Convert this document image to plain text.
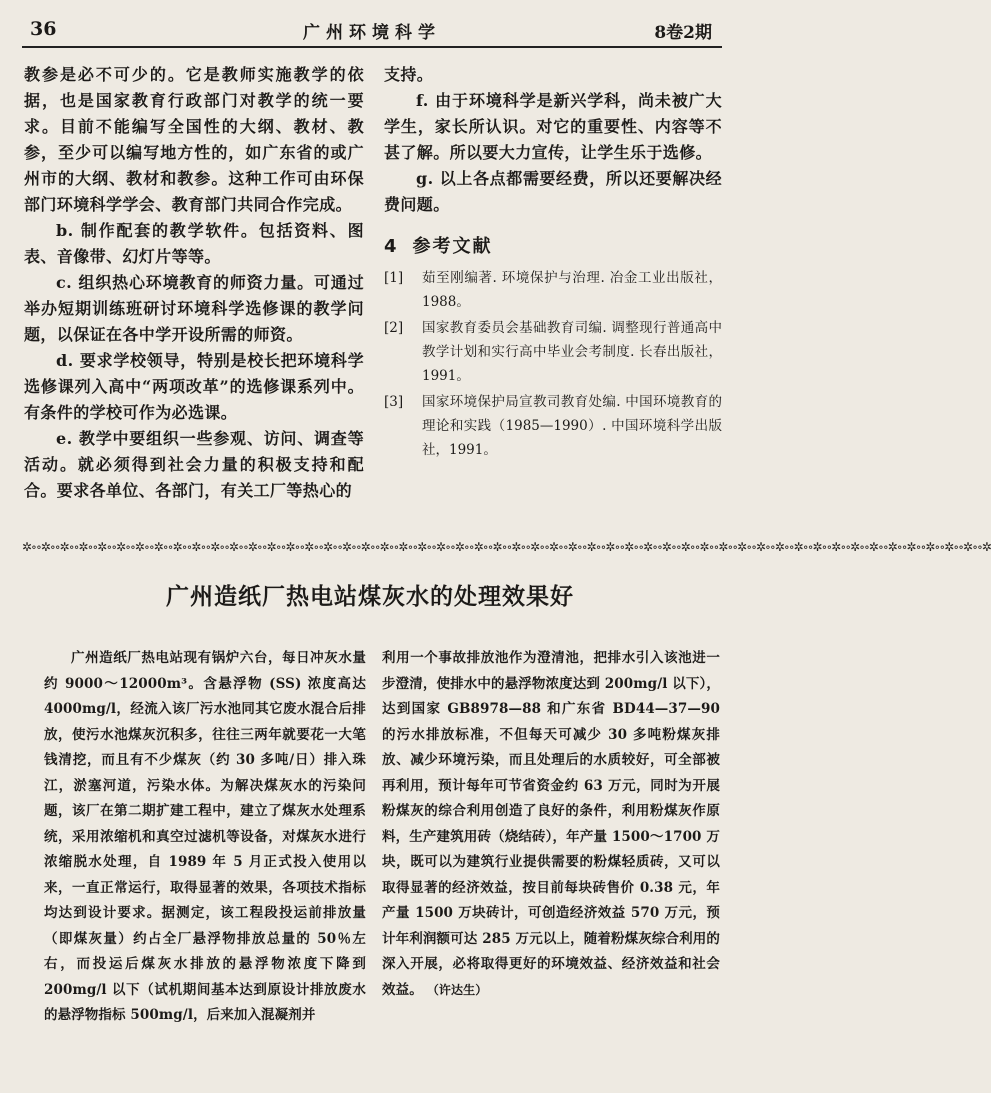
36	广州环境科学	8卷2期

教参是必不可少的。它是教师实施教学的依据，也是国家教育行政部门对教学的统一要求。目前不能编写全国性的大纲、教材、教参，至少可以编写地方性的，如广东省的或广州市的大纲、教材和教参。这种工作可由环保部门环境科学学会、教育部门共同合作完成。

b. 制作配套的教学软件。包括资料、图表、音像带、幻灯片等等。

c. 组织热心环境教育的师资力量。可通过举办短期训练班研讨环境科学选修课的教学问题，以保证在各中学开设所需的师资。

d. 要求学校领导，特别是校长把环境科学选修课列入高中“两项改革”的选修课系列中。有条件的学校可作为必选课。

e. 教学中要组织一些参观、访问、调查等活动。就必须得到社会力量的积极支持和配合。要求各单位、各部门，有关工厂等热心的

支持。

f. 由于环境科学是新兴学科，尚未被广大学生，家长所认识。对它的重要性、内容等不甚了解。所以要大力宣传，让学生乐于选修。

g. 以上各点都需要经费，所以还要解决经费问题。

4 参考文献
[1]	茹至刚编著. 环境保护与治理. 冶金工业出版社，1988。
[2]	国家教育委员会基础教育司编. 调整现行普通高中教学计划和实行高中毕业会考制度. 长春出版社，1991。
[3]	国家环境保护局宣教司教育处编. 中国环境教育的理论和实践（1985—1990）. 中国环境科学出版社，1991。
✲∘∘✲∘∘✲∘∘✲∘∘✲∘∘✲∘∘✲∘∘✲∘∘✲∘∘✲∘∘✲∘∘✲∘∘✲∘∘✲∘∘✲∘∘✲∘∘✲∘∘✲∘∘✲∘∘✲∘∘✲∘∘✲∘∘✲∘∘✲∘∘✲∘∘✲∘∘✲∘∘✲∘∘✲∘∘✲∘∘✲∘∘✲∘∘✲∘∘✲∘∘✲∘∘✲∘∘✲∘∘✲∘∘✲∘∘✲∘∘✲∘∘✲∘∘✲∘∘✲∘∘✲∘∘✲∘∘✲∘∘✲∘∘✲∘∘✲∘∘✲∘∘✲
广州造纸厂热电站煤灰水的处理效果好

广州造纸厂热电站现有锅炉六台，每日冲灰水量约 9000～12000m³。含悬浮物 (SS) 浓度高达 4000mg/l，经流入该厂污水池同其它废水混合后排放，使污水池煤灰沉积多，往往三两年就要花一大笔钱清挖，而且有不少煤灰（约 30 多吨/日）排入珠江，淤塞河道，污染水体。为解决煤灰水的污染问题，该厂在第二期扩建工程中，建立了煤灰水处理系统，采用浓缩机和真空过滤机等设备，对煤灰水进行浓缩脱水处理，自 1989 年 5 月正式投入使用以来，一直正常运行，取得显著的效果，各项技术指标均达到设计要求。据测定，该工程段投运前排放量（即煤灰量）约占全厂悬浮物排放总量的 50％左右，而投运后煤灰水排放的悬浮物浓度下降到 200mg/l 以下（试机期间基本达到原设计排放废水的悬浮物指标 500mg/l，后来加入混凝剂并

利用一个事故排放池作为澄清池，把排水引入该池进一步澄清，使排水中的悬浮物浓度达到 200mg/l 以下），达到国家 GB8978—88 和广东省 BD44—37—90 的污水排放标准，不但每天可减少 30 多吨粉煤灰排放、减少环境污染，而且处理后的水质较好，可全部被再利用，预计每年可节省资金约 63 万元，同时为开展粉煤灰的综合利用创造了良好的条件，利用粉煤灰作原料，生产建筑用砖（烧结砖），年产量 1500～1700 万块，既可以为建筑行业提供需要的粉煤轻质砖，又可以取得显著的经济效益，按目前每块砖售价 0.38 元，年产量 1500 万块砖计，可创造经济效益 570 万元，预计年利润额可达 285 万元以上，随着粉煤灰综合利用的深入开展，必将取得更好的环境效益、经济效益和社会效益。 （许达生）
